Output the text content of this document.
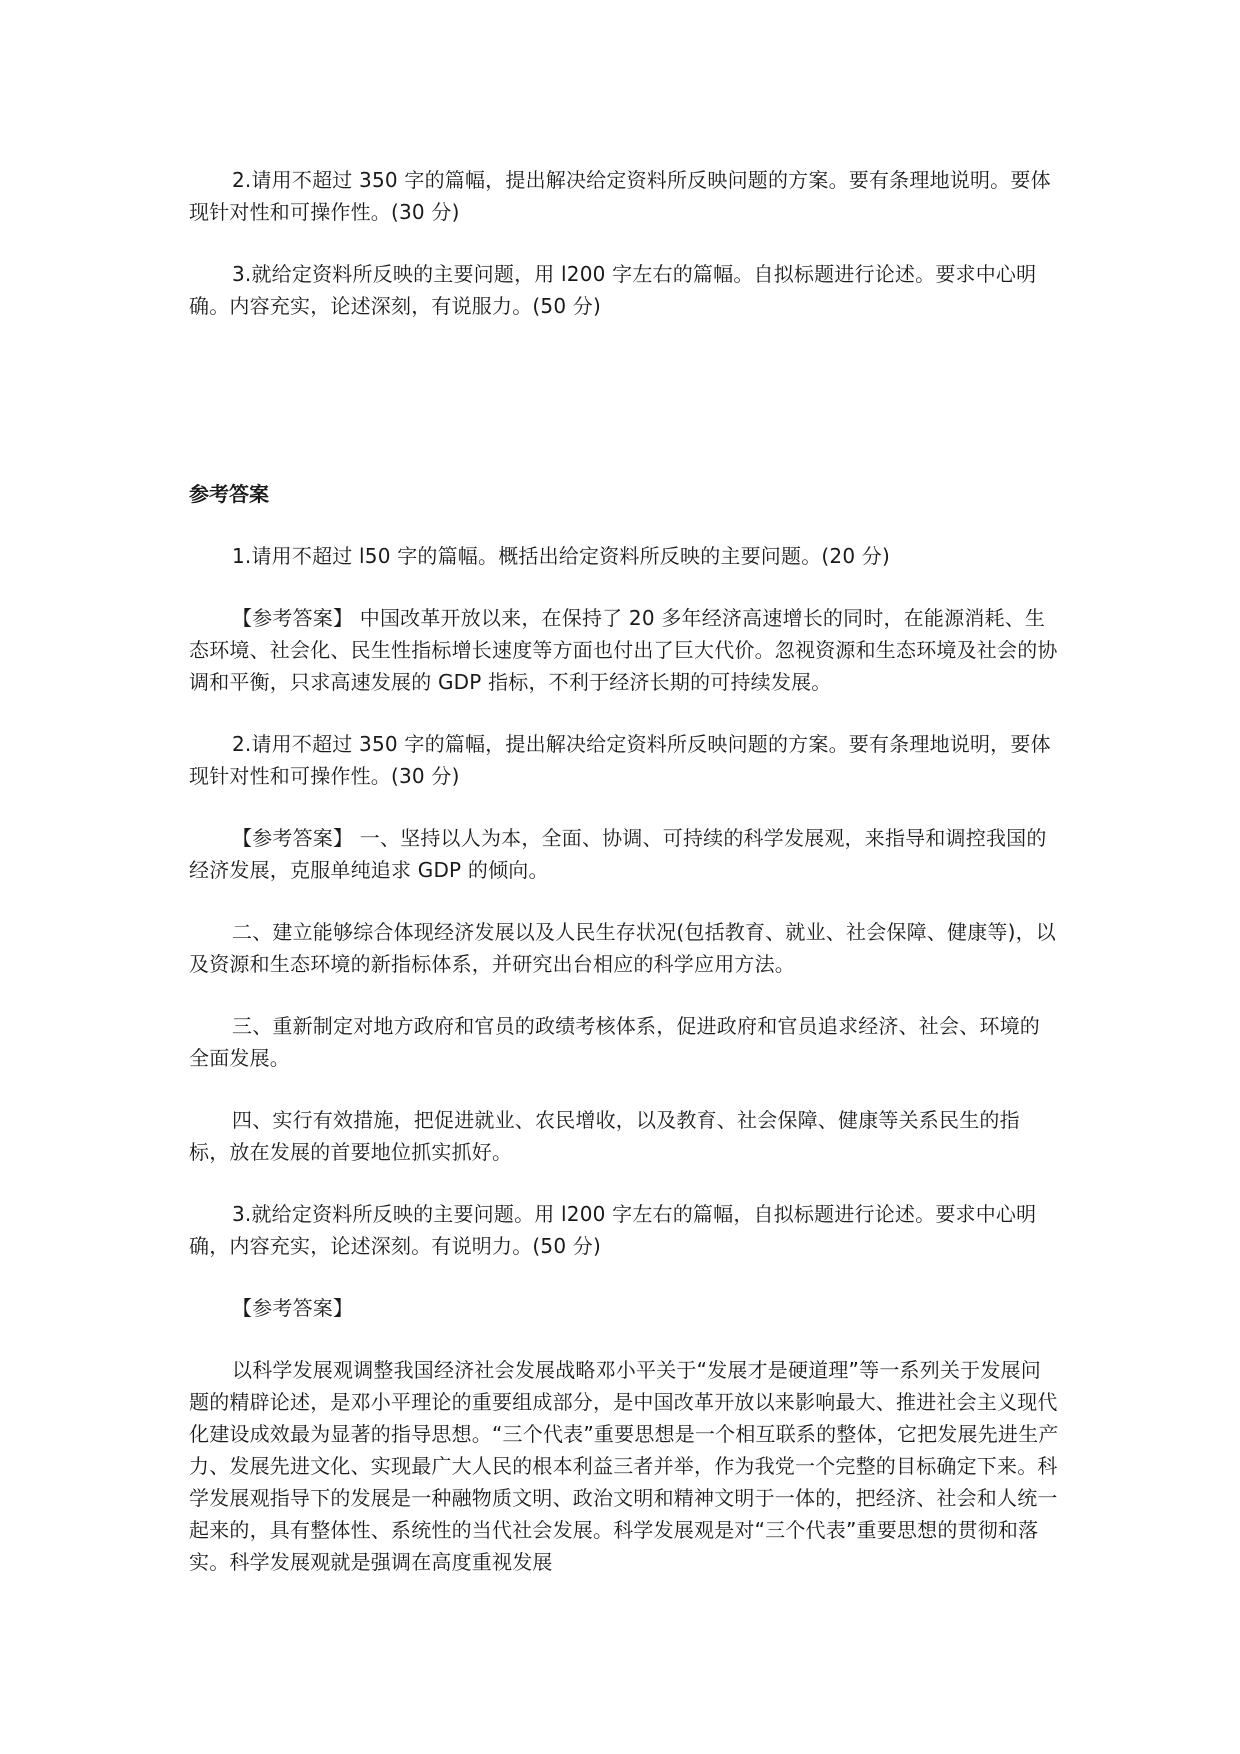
2.请用不超过 350 字的篇幅，提出解决给定资料所反映问题的方案。要有条理地说明。要体现针对性和可操作性。(30 分)

3.就给定资料所反映的主要问题，用 l200 字左右的篇幅。自拟标题进行论述。要求中心明确。内容充实，论述深刻，有说服力。(50 分)

参考答案

1.请用不超过 l50 字的篇幅。概括出给定资料所反映的主要问题。(20 分)

【参考答案】 中国改革开放以来，在保持了 20 多年经济高速增长的同时，在能源消耗、生态环境、社会化、民生性指标增长速度等方面也付出了巨大代价。忽视资源和生态环境及社会的协调和平衡，只求高速发展的 GDP 指标，不利于经济长期的可持续发展。

2.请用不超过 350 字的篇幅，提出解决给定资料所反映问题的方案。要有条理地说明，要体现针对性和可操作性。(30 分)

【参考答案】 一、坚持以人为本，全面、协调、可持续的科学发展观，来指导和调控我国的经济发展，克服单纯追求 GDP 的倾向。

二、建立能够综合体现经济发展以及人民生存状况(包括教育、就业、社会保障、健康等)，以及资源和生态环境的新指标体系，并研究出台相应的科学应用方法。

三、重新制定对地方政府和官员的政绩考核体系，促进政府和官员追求经济、社会、环境的全面发展。

四、实行有效措施，把促进就业、农民增收，以及教育、社会保障、健康等关系民生的指标，放在发展的首要地位抓实抓好。

3.就给定资料所反映的主要问题。用 l200 字左右的篇幅，自拟标题进行论述。要求中心明确，内容充实，论述深刻。有说明力。(50 分)

【参考答案】

以科学发展观调整我国经济社会发展战略邓小平关于“发展才是硬道理”等一系列关于发展问题的精辟论述，是邓小平理论的重要组成部分，是中国改革开放以来影响最大、推进社会主义现代化建设成效最为显著的指导思想。“三个代表”重要思想是一个相互联系的整体，它把发展先进生产力、发展先进文化、实现最广大人民的根本利益三者并举，作为我党一个完整的目标确定下来。科学发展观指导下的发展是一种融物质文明、政治文明和精神文明于一体的，把经济、社会和人统一起来的，具有整体性、系统性的当代社会发展。科学发展观是对“三个代表”重要思想的贯彻和落实。科学发展观就是强调在高度重视发展
